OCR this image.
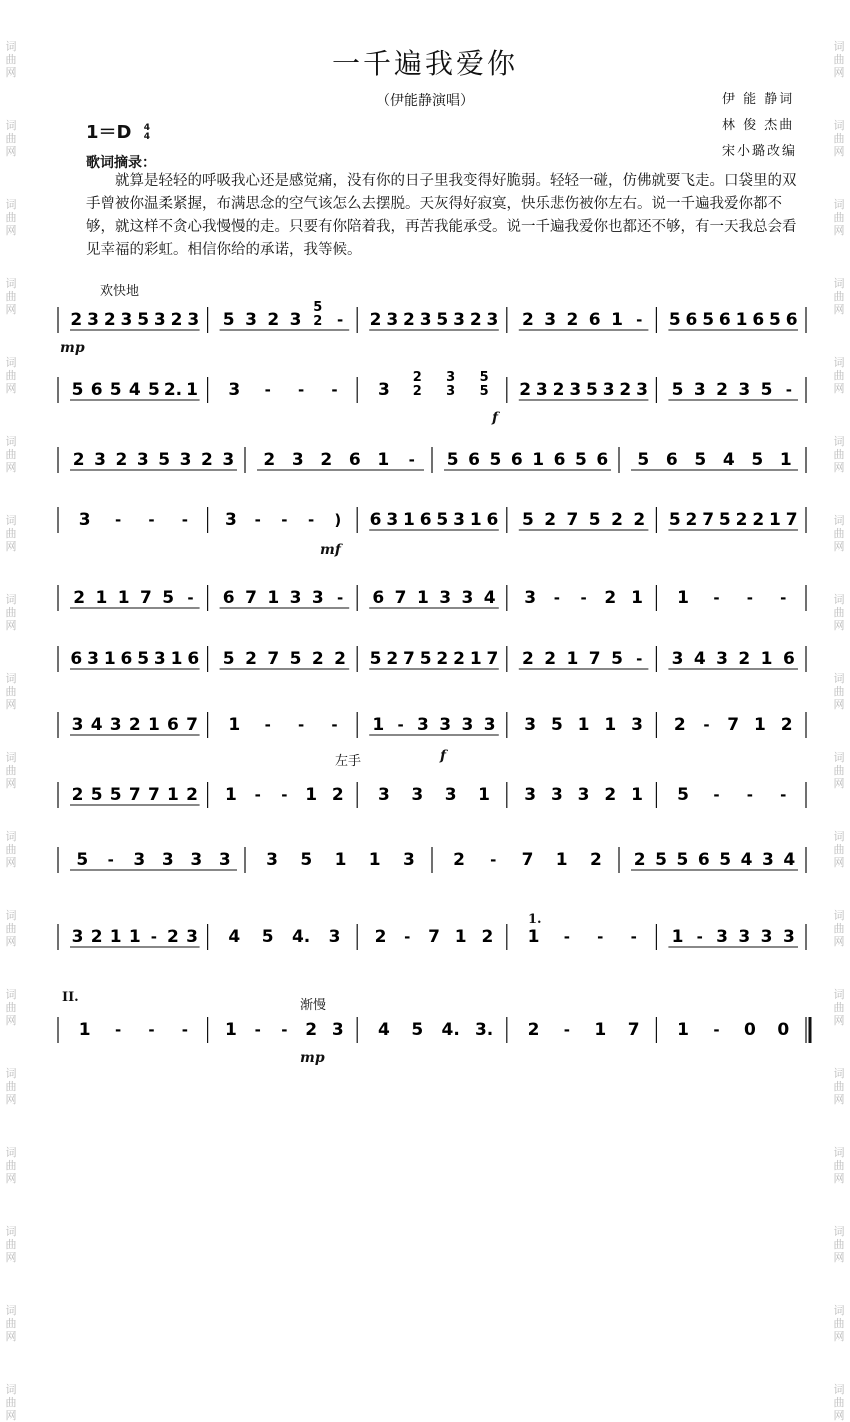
词
曲
网
词
曲
网
词
曲
网
词
曲
网
词
曲
网
词
曲
网
词
曲
网
词
曲
网
词
曲
网
词
曲
网
词
曲
网
词
曲
网
词
曲
网
词
曲
网
词
曲
网
词
曲
网
词
曲
网
词
曲
网
词
曲
网
词
曲
网
词
曲
网
词
曲
网
词
曲
网
词
曲
网
词
曲
网
词
曲
网
词
曲
网
词
曲
网
词
曲
网
词
曲
网
词
曲
网
词
曲
网
词
曲
网
词
曲
网
词
曲
网
词
曲
网
一千遍我爱你
（伊能静演唱）	伊 能 静词
林 俊 杰曲
宋小璐改编
1＝D 4
4
歌词摘录：

就算是轻轻的呼吸我心还是感觉痛，没有你的日子里我变得好脆弱。轻轻一碰，仿佛就要飞走。口袋里的双手曾被你温柔紧握，布满思念的空气该怎么去摆脱。天灰得好寂寞，快乐悲伤被你左右。说一千遍我爱你都不够，就这样不贪心我慢慢的走。只要有你陪着我，再苦我能承受。说一千遍我爱你也都还不够，有一天我总会看见幸福的彩虹。相信你给的承诺，我等候。

欢快地
mp
f
mf
左手	f
1.
II.
渐慢
mp
2 3 2 3 5 3 2 3 5 3 2 3
5
2 - 2 3 2 3 5 3 2 3 2 3 2 6 1 - 5 6 5 6 1 6 5 6
5 6 5 4 5 2. 1 3 - - - 3
2
2
3
3
5
5 2 3 2 3 5 3 2 3 5 3 2 3 5 -
2 3 2 3 5 3 2 3 2 3 2 6 1 - 5 6 5 6 1 6 5 6 5 6 5 4 5 1
3 - - - 3 - - - ) 6 3 1 6 5 3 1 6 5 2 7 5 2 2 5 2 7 5 2 2 1 7
2 1 1 7 5 - 6 7 1 3 3 - 6 7 1 3 3 4 3 - - 2 1 1 - - -
6 3 1 6 5 3 1 6 5 2 7 5 2 2 5 2 7 5 2 2 1 7 2 2 1 7 5 - 3 4 3 2 1 6
3 4 3 2 1 6 7 1 - - - 1 - 3 3 3 3 3 5 1 1 3 2 - 7 1 2
2 5 5 7 7 1 2 1 - - 1 2 3 3 3 1 3 3 3 2 1 5 - - -
5 - 3 3 3 3 3 5 1 1 3 2 - 7 1 2 2 5 5 6 5 4 3 4
3 2 1 1 - 2 3 4 5 4. 3 2 - 7 1 2 1 - - - 1 - 3 3 3 3
1 - - - 1 - - 2 3 4 5 4. 3. 2 - 1 7 1 - 0 0
